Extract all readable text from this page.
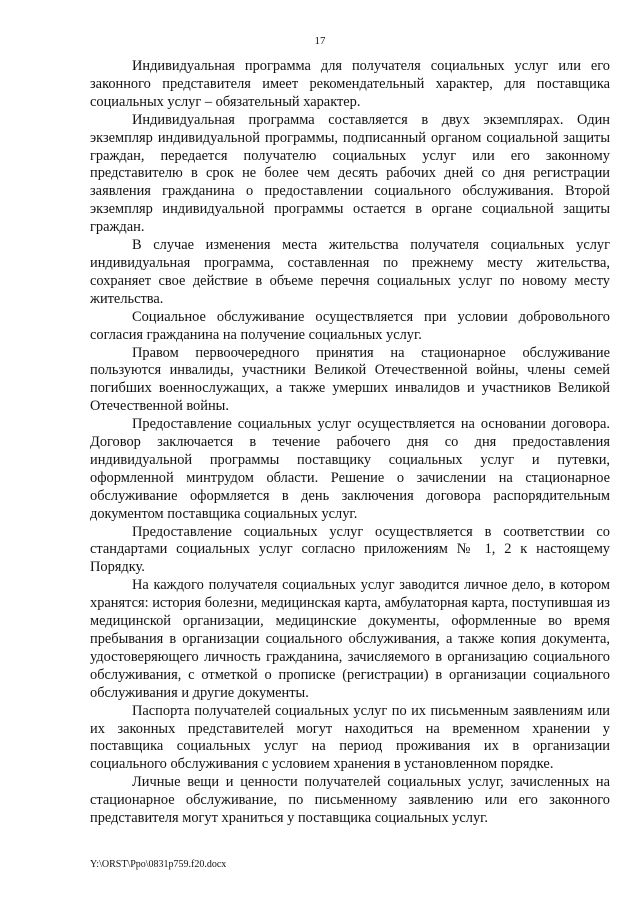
17

Индивидуальная программа для получателя социальных услуг или его законного представителя имеет рекомендательный характер, для поставщика социальных услуг – обязательный характер.

Индивидуальная программа составляется в двух экземплярах. Один экземпляр индивидуальной программы, подписанный органом социальной защиты граждан, передается получателю социальных услуг или его законному представителю в срок не более чем десять рабочих дней со дня регистрации заявления гражданина о предоставлении социального обслуживания. Второй экземпляр индивидуальной программы остается в органе социальной защиты граждан.

В случае изменения места жительства получателя социальных услуг индивидуальная программа, составленная по прежнему месту жительства, сохраняет свое действие в объеме перечня социальных услуг по новому месту жительства.

Социальное обслуживание осуществляется при условии добровольного согласия гражданина на получение социальных услуг.

Правом первоочередного принятия на стационарное обслуживание пользуются инвалиды, участники Великой Отечественной войны, члены семей погибших военнослужащих, а также умерших инвалидов и участников Великой Отечественной войны.

Предоставление социальных услуг осуществляется на основании договора. Договор заключается в течение рабочего дня со дня предоставления индивидуальной программы поставщику социальных услуг и путевки, оформленной минтрудом области. Решение о зачислении на стационарное обслуживание оформляется в день заключения договора распорядительным документом поставщика социальных услуг.

Предоставление социальных услуг осуществляется в соответствии со стандартами социальных услуг согласно приложениям № 1, 2 к настоящему Порядку.

На каждого получателя социальных услуг заводится личное дело, в котором хранятся: история болезни, медицинская карта, амбулаторная карта, поступившая из медицинской организации, медицинские документы, оформленные во время пребывания в организации социального обслуживания, а также копия документа, удостоверяющего личность гражданина, зачисляемого в организацию социального обслуживания, с отметкой о прописке (регистрации) в организации социального обслуживания и другие документы.

Паспорта получателей социальных услуг по их письменным заявлениям или их законных представителей могут находиться на временном хранении у поставщика социальных услуг на период проживания их в организации социального обслуживания с условием хранения в установленном порядке.

Личные вещи и ценности получателей социальных услуг, зачисленных на стационарное обслуживание, по письменному заявлению или его законного представителя могут храниться у поставщика социальных услуг.

Y:\ORST\Ppo\0831p759.f20.docx
